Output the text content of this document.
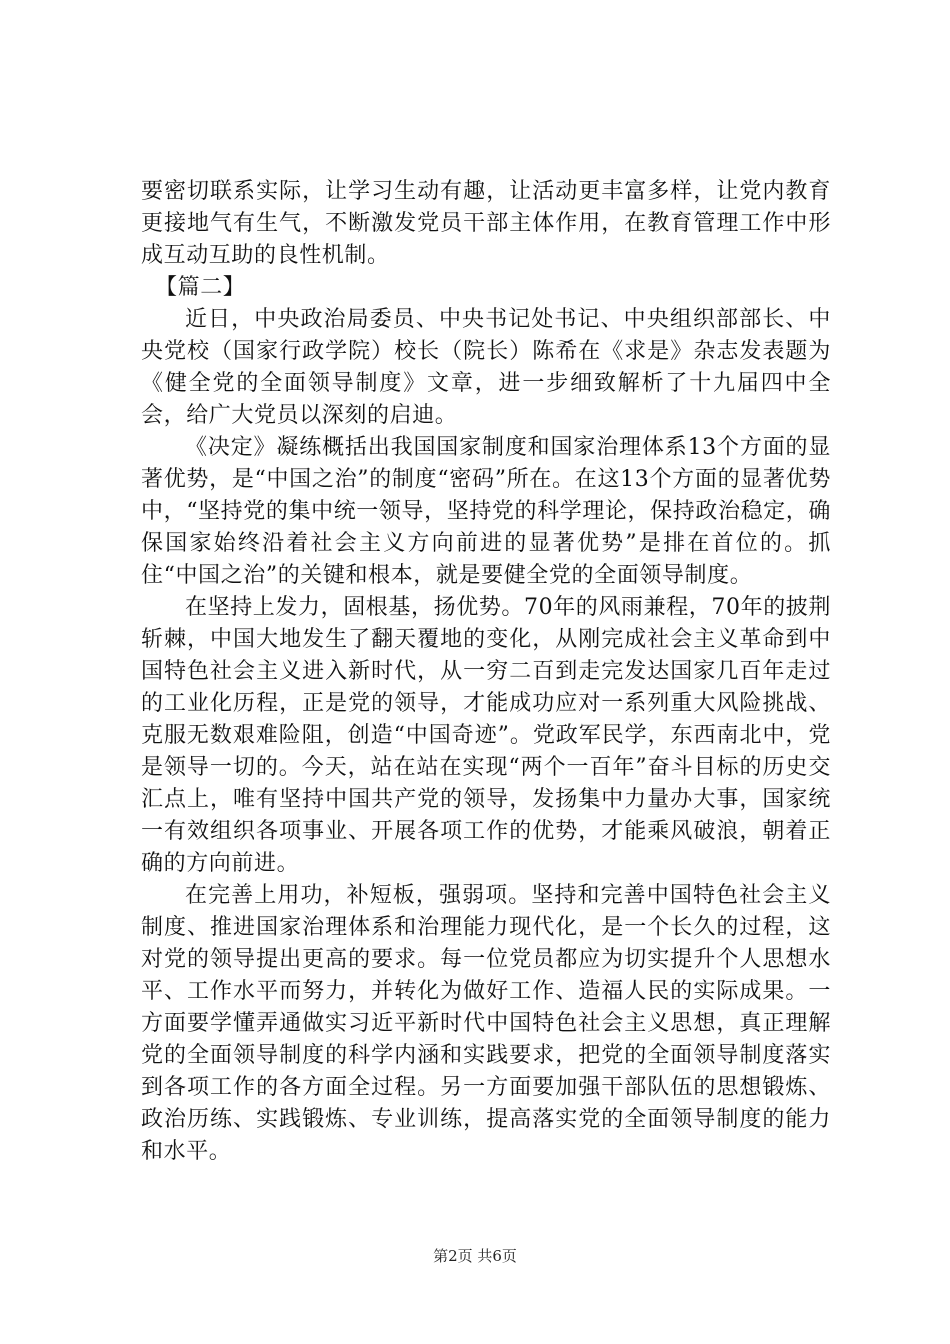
要密切联系实际，让学习生动有趣，让活动更丰富多样，让党内教育更接地气有生气，不断激发党员干部主体作用，在教育管理工作中形成互动互助的良性机制。

【篇二】

近日，中央政治局委员、中央书记处书记、中央组织部部长、中央党校（国家行政学院）校长（院长）陈希在《求是》杂志发表题为《健全党的全面领导制度》文章，进一步细致解析了十九届四中全会，给广大党员以深刻的启迪。

《决定》凝练概括出我国国家制度和国家治理体系13个方面的显著优势，是“中国之治”的制度“密码”所在。在这13个方面的显著优势中，“坚持党的集中统一领导，坚持党的科学理论，保持政治稳定，确保国家始终沿着社会主义方向前进的显著优势”是排在首位的。抓住“中国之治”的关键和根本，就是要健全党的全面领导制度。

在坚持上发力，固根基，扬优势。70年的风雨兼程，70年的披荆斩棘，中国大地发生了翻天覆地的变化，从刚完成社会主义革命到中国特色社会主义进入新时代，从一穷二百到走完发达国家几百年走过的工业化历程，正是党的领导，才能成功应对一系列重大风险挑战、克服无数艰难险阻，创造“中国奇迹”。党政军民学，东西南北中，党是领导一切的。今天，站在站在实现“两个一百年”奋斗目标的历史交汇点上，唯有坚持中国共产党的领导，发扬集中力量办大事，国家统一有效组织各项事业、开展各项工作的优势，才能乘风破浪，朝着正确的方向前进。

在完善上用功，补短板，强弱项。坚持和完善中国特色社会主义制度、推进国家治理体系和治理能力现代化，是一个长久的过程，这对党的领导提出更高的要求。每一位党员都应为切实提升个人思想水平、工作水平而努力，并转化为做好工作、造福人民的实际成果。一方面要学懂弄通做实习近平新时代中国特色社会主义思想，真正理解党的全面领导制度的科学内涵和实践要求，把党的全面领导制度落实到各项工作的各方面全过程。另一方面要加强干部队伍的思想锻炼、政治历练、实践锻炼、专业训练，提高落实党的全面领导制度的能力和水平。

第2页 共6页
